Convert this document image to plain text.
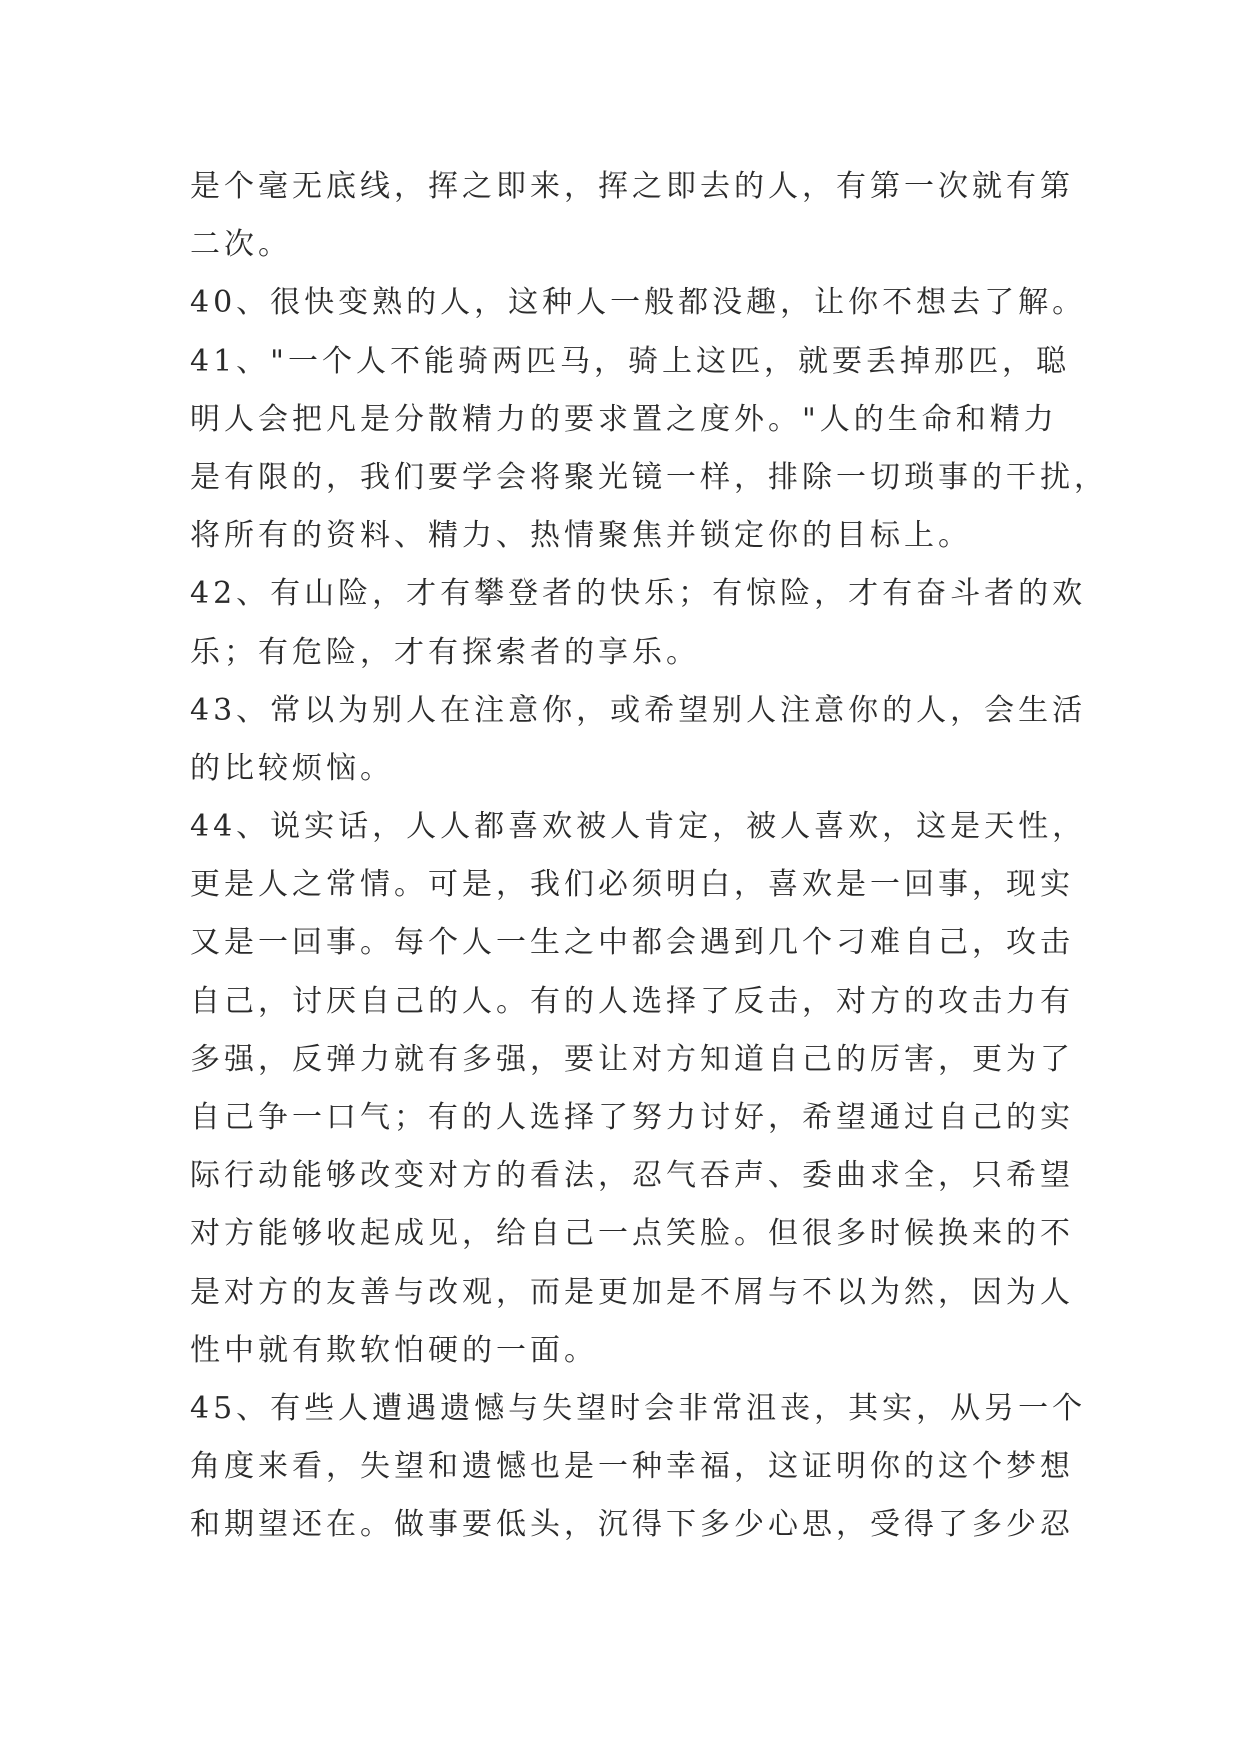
是个毫无底线，挥之即来，挥之即去的人，有第一次就有第
二次。
40、很快变熟的人，这种人一般都没趣，让你不想去了解。
41、"一个人不能骑两匹马，骑上这匹，就要丢掉那匹，聪
明人会把凡是分散精力的要求置之度外。"人的生命和精力
是有限的，我们要学会将聚光镜一样，排除一切琐事的干扰，
将所有的资料、精力、热情聚焦并锁定你的目标上。
42、有山险，才有攀登者的快乐；有惊险，才有奋斗者的欢
乐；有危险，才有探索者的享乐。
43、常以为别人在注意你，或希望别人注意你的人，会生活
的比较烦恼。
44、说实话，人人都喜欢被人肯定，被人喜欢，这是天性，
更是人之常情。可是，我们必须明白，喜欢是一回事，现实
又是一回事。每个人一生之中都会遇到几个刁难自己，攻击
自己，讨厌自己的人。有的人选择了反击，对方的攻击力有
多强，反弹力就有多强，要让对方知道自己的厉害，更为了
自己争一口气；有的人选择了努力讨好，希望通过自己的实
际行动能够改变对方的看法，忍气吞声、委曲求全，只希望
对方能够收起成见，给自己一点笑脸。但很多时候换来的不
是对方的友善与改观，而是更加是不屑与不以为然，因为人
性中就有欺软怕硬的一面。
45、有些人遭遇遗憾与失望时会非常沮丧，其实，从另一个
角度来看，失望和遗憾也是一种幸福，这证明你的这个梦想
和期望还在。做事要低头，沉得下多少心思，受得了多少忍
